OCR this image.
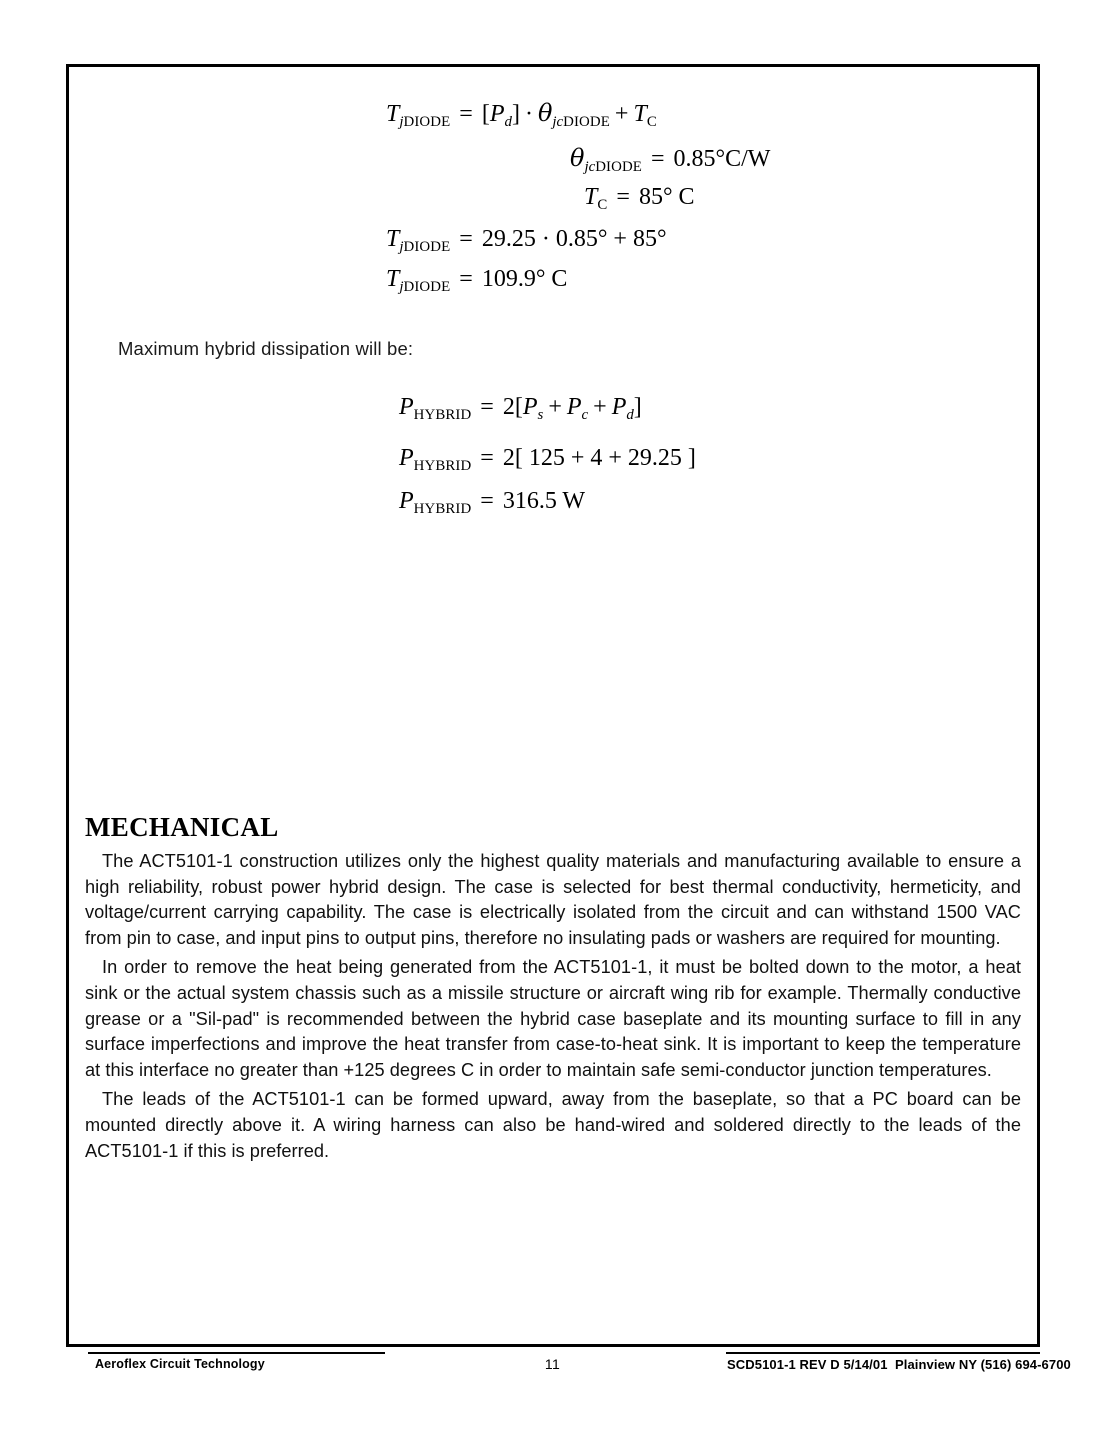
$Tj_{DIODE} = [Pd] \cdot \theta jc_{DIODE} + T_C$
θjc$_{DIODE}$ = 0.85°C/W
$T_C = 85^\circ$ C
$Tj_{DIODE} = 29.25 \cdot 0.85^\circ + 85^\circ$
$Tj_{DIODE} = 109.9^\circ$ C
Maximum hybrid dissipation will be:
$P_{HYBRID} = 2[Ps + Pc + Pd]$
$P_{HYBRID} = 2$[ 125 + 4 + 29.25 ]
$P_{HYBRID} = 316.5$ W
MECHANICAL

The ACT5101-1 construction utilizes only the highest quality materials and manufacturing available to ensure a high reliability, robust power hybrid design. The case is selected for best thermal conductivity, hermeticity, and voltage/current carrying capability. The case is electrically isolated from the circuit and can withstand 1500 VAC from pin to case, and input pins to output pins, therefore no insulating pads or washers are required for mounting.

In order to remove the heat being generated from the ACT5101-1, it must be bolted down to the motor, a heat sink or the actual system chassis such as a missile structure or aircraft wing rib for example. Thermally conductive grease or a "Sil-pad" is recommended between the hybrid case baseplate and its mounting surface to fill in any surface imperfections and improve the heat transfer from case-to-heat sink. It is important to keep the temperature at this interface no greater than +125 degrees C in order to maintain safe semi-conductor junction temperatures.

The leads of the ACT5101-1 can be formed upward, away from the baseplate, so that a PC board can be mounted directly above it. A wiring harness can also be hand-wired and soldered directly to the leads of the ACT5101-1 if this is preferred.

Aeroflex Circuit Technology	11	SCD5101-1 REV D 5/14/01  Plainview NY (516) 694-6700
